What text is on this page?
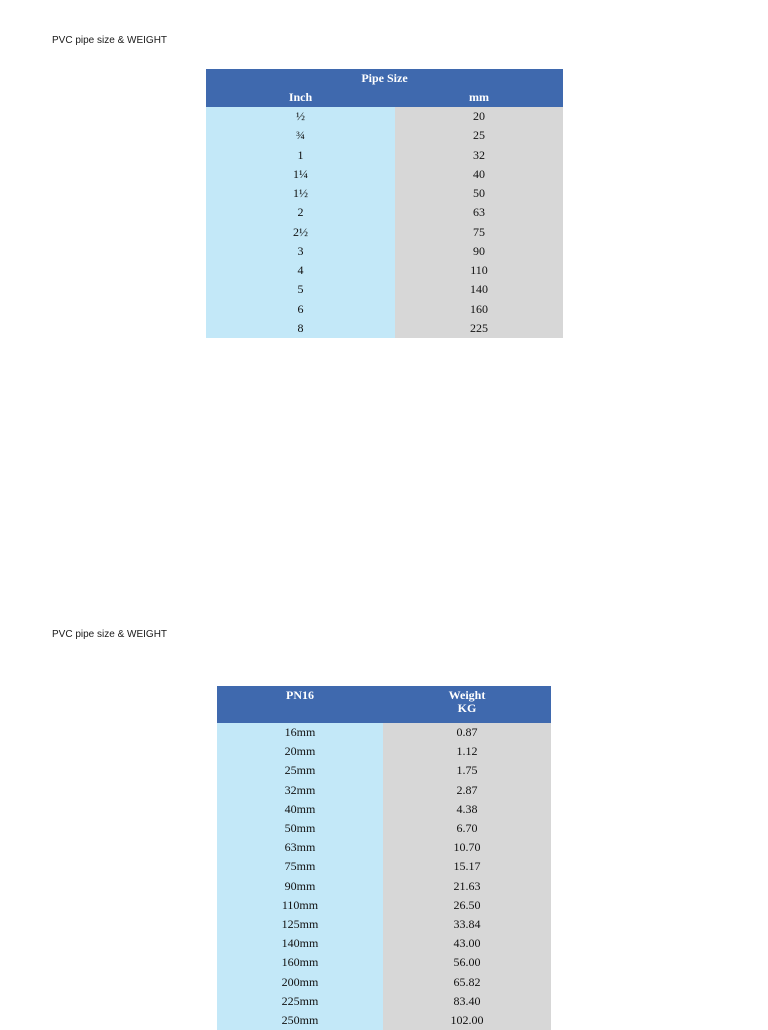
PVC pipe size & WEIGHT
Pipe Size	
Inch	mm
½	20
¾	25
1	32
1¼	40
1½	50
2	63
2½	75
3	90
4	110
5	140
6	160
8	225
PVC pipe size & WEIGHT
PN16	Weight
KG

16mm	0.87
20mm	1.12
25mm	1.75
32mm	2.87
40mm	4.38
50mm	6.70
63mm	10.70
75mm	15.17
90mm	21.63
110mm	26.50
125mm	33.84
140mm	43.00
160mm	56.00
200mm	65.82
225mm	83.40
250mm	102.00
